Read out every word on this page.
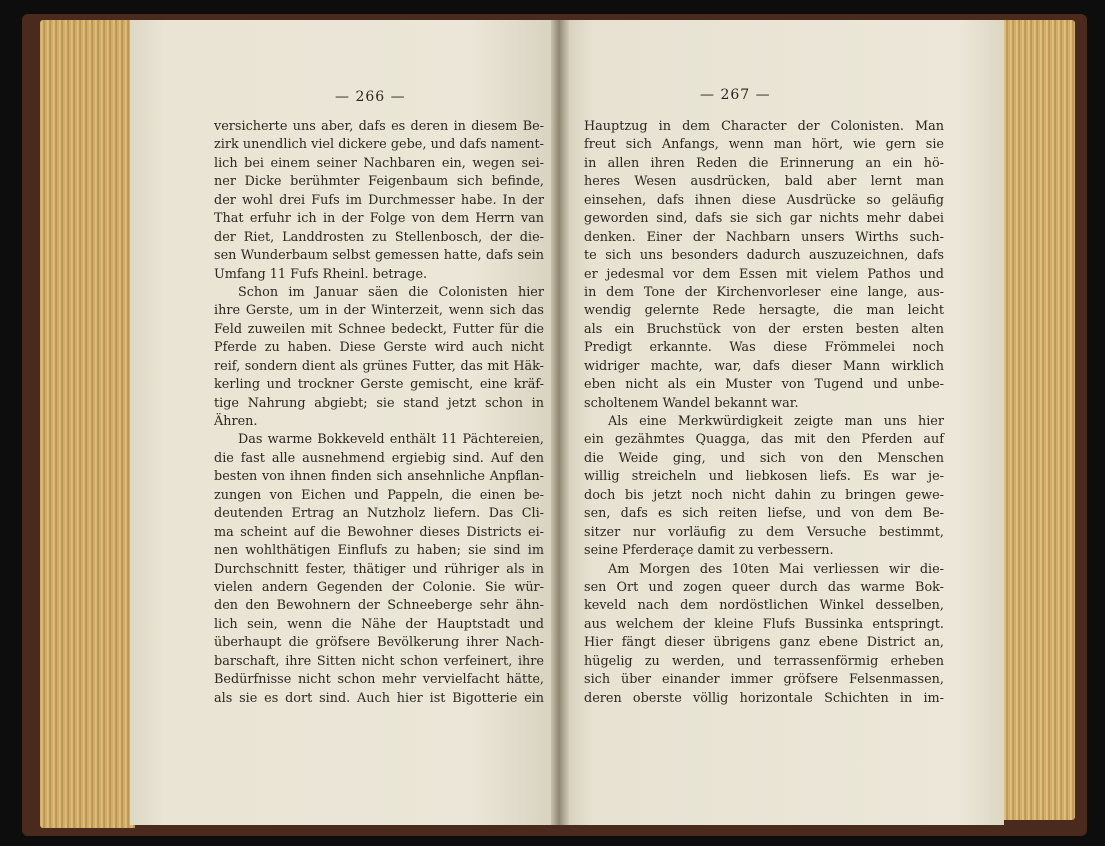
— 266 —
versicherte uns aber, dafs es deren in diesem Be-
zirk unendlich viel dickere gebe, und dafs nament-
lich bei einem seiner Nachbaren ein, wegen sei-
ner Dicke berühmter Feigenbaum sich befinde,
der wohl drei Fufs im Durchmesser habe. In der
That erfuhr ich in der Folge von dem Herrn van
der Riet, Landdrosten zu Stellenbosch, der die-
sen Wunderbaum selbst gemessen hatte, dafs sein
Umfang 11 Fufs Rheinl. betrage.
Schon im Januar säen die Colonisten hier
ihre Gerste, um in der Winterzeit, wenn sich das
Feld zuweilen mit Schnee bedeckt, Futter für die
Pferde zu haben. Diese Gerste wird auch nicht
reif, sondern dient als grünes Futter, das mit Häk-
kerling und trockner Gerste gemischt, eine kräf-
tige Nahrung abgiebt; sie stand jetzt schon in
Ähren.
Das warme Bokkeveld enthält 11 Pächtereien,
die fast alle ausnehmend ergiebig sind. Auf den
besten von ihnen finden sich ansehnliche Anpflan-
zungen von Eichen und Pappeln, die einen be-
deutenden Ertrag an Nutzholz liefern. Das Cli-
ma scheint auf die Bewohner dieses Districts ei-
nen wohlthätigen Einflufs zu haben; sie sind im
Durchschnitt fester, thätiger und rühriger als in
vielen andern Gegenden der Colonie. Sie wür-
den den Bewohnern der Schneeberge sehr ähn-
lich sein, wenn die Nähe der Hauptstadt und
überhaupt die gröfsere Bevölkerung ihrer Nach-
barschaft, ihre Sitten nicht schon verfeinert, ihre
Bedürfnisse nicht schon mehr vervielfacht hätte,
als sie es dort sind. Auch hier ist Bigotterie ein
— 267 —
Hauptzug in dem Character der Colonisten. Man
freut sich Anfangs, wenn man hört, wie gern sie
in allen ihren Reden die Erinnerung an ein hö-
heres Wesen ausdrücken, bald aber lernt man
einsehen, dafs ihnen diese Ausdrücke so geläufig
geworden sind, dafs sie sich gar nichts mehr dabei
denken. Einer der Nachbarn unsers Wirths such-
te sich uns besonders dadurch auszuzeichnen, dafs
er jedesmal vor dem Essen mit vielem Pathos und
in dem Tone der Kirchenvorleser eine lange, aus-
wendig gelernte Rede hersagte, die man leicht
als ein Bruchstück von der ersten besten alten
Predigt erkannte. Was diese Frömmelei noch
widriger machte, war, dafs dieser Mann wirklich
eben nicht als ein Muster von Tugend und unbe-
scholtenem Wandel bekannt war.
Als eine Merkwürdigkeit zeigte man uns hier
ein gezähmtes Quagga, das mit den Pferden auf
die Weide ging, und sich von den Menschen
willig streicheln und liebkosen liefs. Es war je-
doch bis jetzt noch nicht dahin zu bringen gewe-
sen, dafs es sich reiten liefse, und von dem Be-
sitzer nur vorläufig zu dem Versuche bestimmt,
seine Pferderaçe damit zu verbessern.
Am Morgen des 10ten Mai verliessen wir die-
sen Ort und zogen queer durch das warme Bok-
keveld nach dem nordöstlichen Winkel desselben,
aus welchem der kleine Flufs Bussinka entspringt.
Hier fängt dieser übrigens ganz ebene District an,
hügelig zu werden, und terrassenförmig erheben
sich über einander immer gröfsere Felsenmassen,
deren oberste völlig horizontale Schichten in im-
